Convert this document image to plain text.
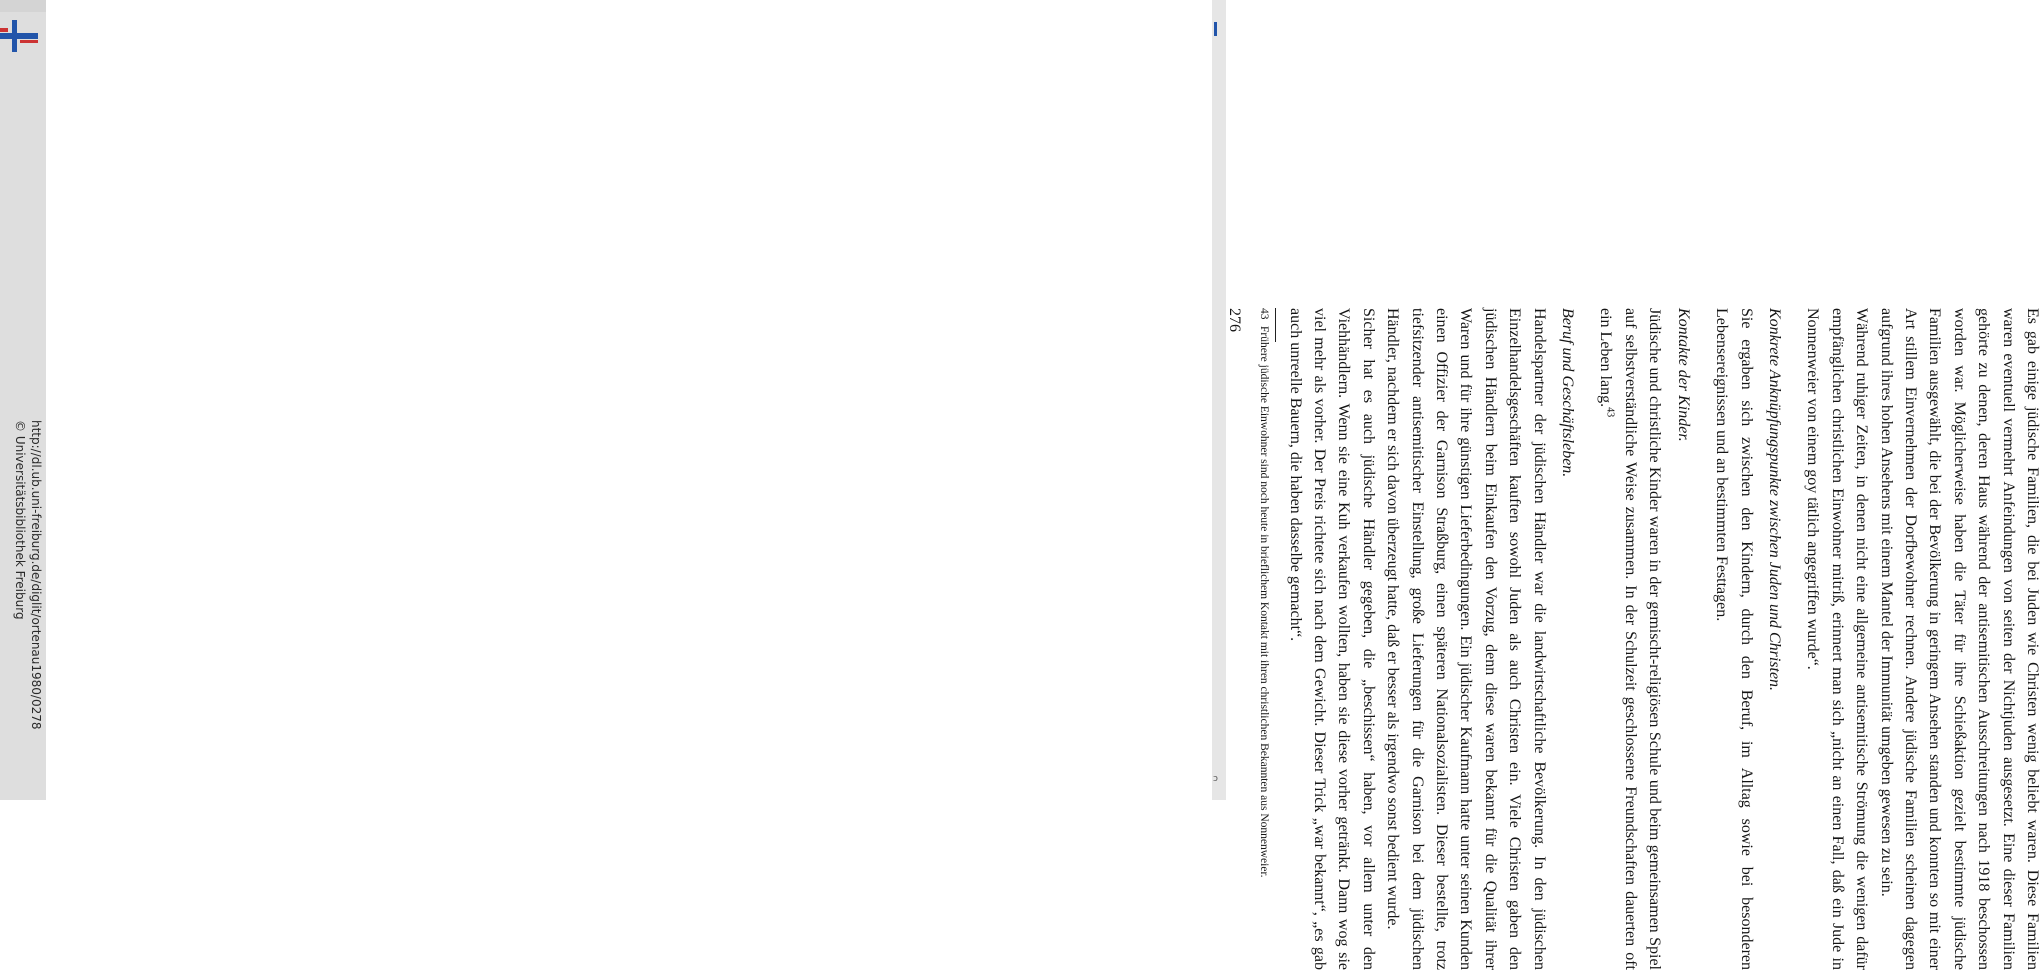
http://dl.ub.uni-freiburg.de/diglit/ortenau1980/0278
© Universitätsbibliothek Freiburg
ɔ	Es gab einige jüdische Familien, die bei Juden wie Christen wenig beliebt waren. Diese Familien waren eventuell vermehrt Anfeindungen von seiten der Nichtjuden ausgesetzt. Eine dieser Familien gehörte zu denen, deren Haus während der antisemitischen Ausschreitungen nach 1918 beschossen worden war. Möglicherweise haben die Täter für ihre Schießaktion gezielt bestimmte jüdische Familien ausgewählt, die bei der Bevölkerung in geringem Ansehen standen und konnten so mit einer Art stillem Einvernehmen der Dorfbewohner rechnen. Andere jüdische Familien scheinen dagegen aufgrund ihres hohen Ansehens mit einem Mantel der Immunität umgeben gewesen zu sein.

Während ruhiger Zeiten, in denen nicht eine allgemeine antisemitische Strömung die wenigen dafür empfänglichen christlichen Einwohner mitriß, erinnert man sich „nicht an einen Fall, daß ein Jude in Nonnenweier von einem goy tätlich angegriffen wurde“.

Konkrete Anknüpfungspunkte zwischen Juden und Christen.

Sie ergaben sich zwischen den Kindern, durch den Beruf, im Alltag sowie bei besonderen Lebensereignissen und an bestimmten Festtagen.

Kontakte der Kinder.

Jüdische und christliche Kinder waren in der gemischt-religiösen Schule und beim gemeinsamen Spiel auf selbstverständliche Weise zusammen. In der Schulzeit geschlossene Freundschaften dauerten oft ein Leben lang.$^{43}$

Beruf und Geschäftsleben.

Handelspartner der jüdischen Händler war die landwirtschaftliche Bevölkerung. In den jüdischen Einzelhandelsgeschäften kauften sowohl Juden als auch Christen ein. Viele Christen gaben den jüdischen Händlern beim Einkaufen den Vorzug, denn diese waren bekannt für die Qualität ihrer Waren und für ihre günstigen Lieferbedingungen. Ein jüdischer Kaufmann hatte unter seinen Kunden einen Offizier der Garnison Straßburg, einen späteren Nationalsozialisten. Dieser bestellte, trotz tiefsitzender antisemitischer Einstellung, große Lieferungen für die Garnison bei dem jüdischen Händler, nachdem er sich davon überzeugt hatte, daß er besser als irgendwo sonst bedient wurde.

Sicher hat es auch jüdische Händler gegeben, die „beschissen“ haben, vor allem unter den Viehhändlern. Wenn sie eine Kuh verkaufen wollten, haben sie diese vorher getränkt. Dann wog sie viel mehr als vorher. Der Preis richtete sich nach dem Gewicht. Dieser Trick „war bekannt“, „es gab auch unreelle Bauern, die haben dasselbe gemacht“.

43
Frühere jüdische Einwohner sind noch heute in brieflichem Kontakt mit ihren christlichen Bekannten aus Nonnenweier.
276
